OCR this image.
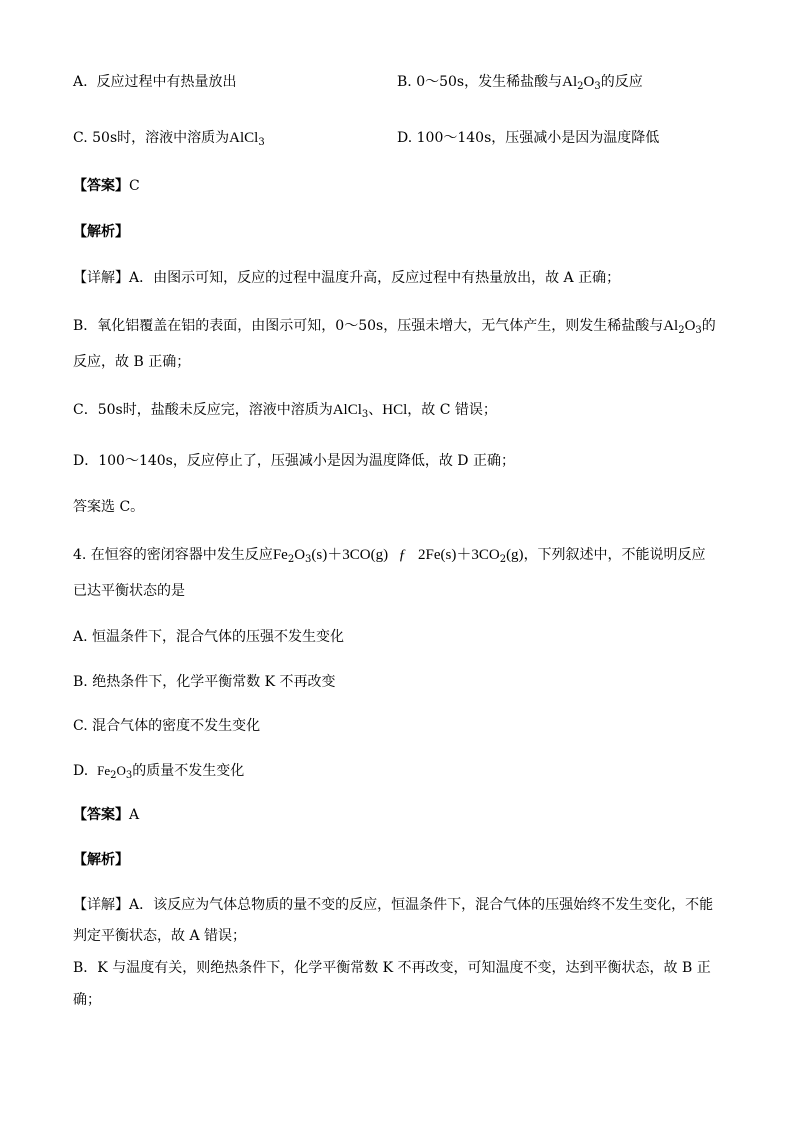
A. 反应过程中有热量放出	B. 0～50s，发生稀盐酸与$Al_2O_3$的反应
C. 50s时，溶液中溶质为AlCl$_3$	D. 100～140s，压强减小是因为温度降低
【答案】C
【解析】
【详解】A．由图示可知，反应的过程中温度升高，反应过程中有热量放出，故 A 正确；
B．氧化铝覆盖在铝的表面，由图示可知，0～50s，压强未增大，无气体产生，则发生稀盐酸与$Al_2O_3$的
反应，故 B 正确；
C．50s时，盐酸未反应完，溶液中溶质为AlCl$_3$、HCl，故 C 错误；
D．100～140s，反应停止了，压强减小是因为温度降低，故 D 正确；
答案选 C。
4. 在恒容的密闭容器中发生反应$Fe_2O_3(s)+3CO(g)$ ƒ $2Fe(s)+3CO_2(g)$，下列叙述中，不能说明反应
已达平衡状态的是
A. 恒温条件下，混合气体的压强不发生变化
B. 绝热条件下，化学平衡常数 K 不再改变
C. 混合气体的密度不发生变化
D. $Fe_2O_3$的质量不发生变化
【答案】A
【解析】
【详解】A．该反应为气体总物质的量不变的反应，恒温条件下，混合气体的压强始终不发生变化，不能
判定平衡状态，故 A 错误；
B．K 与温度有关，则绝热条件下，化学平衡常数 K 不再改变，可知温度不变，达到平衡状态，故 B 正
确；
